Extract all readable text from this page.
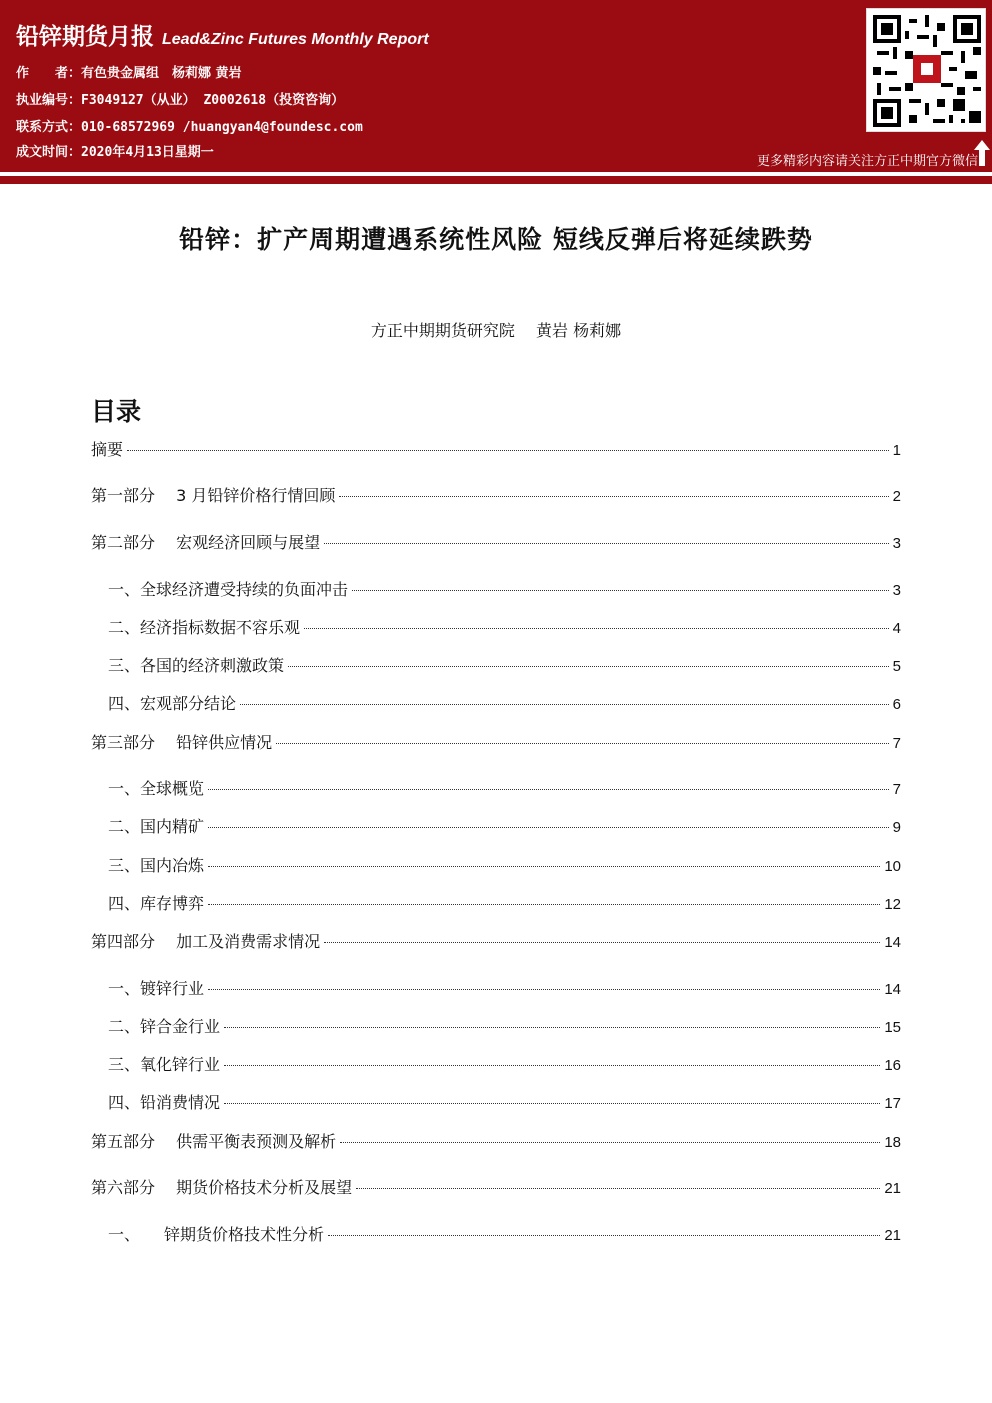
铅锌期货月报 Lead&Zinc Futures Monthly Report
作　　者：有色贵金属组　杨莉娜 黄岩
执业编号：F3049127（从业） Z0002618（投资咨询）
联系方式：010-68572969 /huangyan4@foundesc.com
成文时间：2020年4月13日星期一
更多精彩内容请关注方正中期官方微信
铅锌：扩产周期遭遇系统性风险 短线反弹后将延续跌势
方正中期期货研究院　 黄岩 杨莉娜
目录
摘要	1
第一部分　 3 月铅锌价格行情回顾	2
第二部分　 宏观经济回顾与展望	3
一、全球经济遭受持续的负面冲击	3
二、经济指标数据不容乐观	4
三、各国的经济刺激政策	5
四、宏观部分结论	6
第三部分　 铅锌供应情况	7
一、全球概览	7
二、国内精矿	9
三、国内冶炼	10
四、库存博弈	12
第四部分　 加工及消费需求情况	14
一、镀锌行业	14
二、锌合金行业	15
三、氧化锌行业	16
四、铅消费情况	17
第五部分　 供需平衡表预测及解析	18
第六部分　 期货价格技术分析及展望	21
一、　　锌期货价格技术性分析	21
